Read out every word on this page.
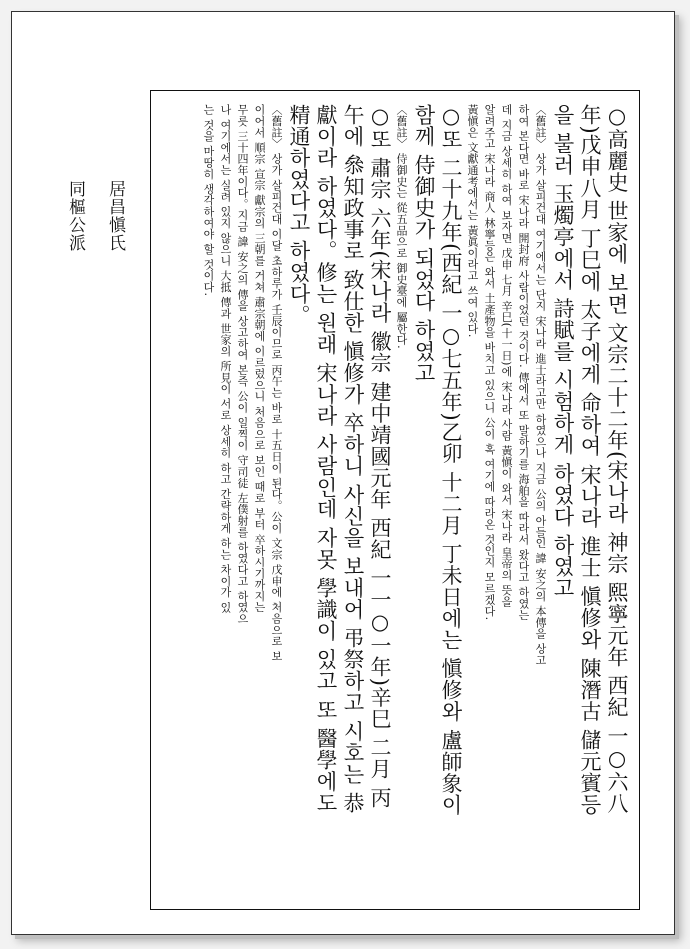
○高麗史 世家에 보면 文宗二十二年(宋나라 神宗 熙寧元年 西紀 一○六八
年)戊申八月 丁巳에 太子에게 命하여 宋나라 進士 愼修와 陳潛古 儲元賓등
을 불러 玉燭亭에서 詩賦를 시험하게 하였다 하였고
〈舊註〉 상가 살피건대 여기에서는 단지 宋나라 進士라고만 하였으나 지금 公의 아들인 諱 安之의 本傳을 상고
하여 본다면 바로 宋나라 開封府 사람이었던 것이다. 傳에서 또 말하기를 海舶을 따라서 왔다고 하였는
데 지금 상세히 하여 보자면 戊申 七月 辛巳(十一日)에 宋나라 사람 黃愼이 와서 宋나라 皇帝의 뜻을
알려주고 宋나라 商人 林寧등은 와서 土產物을 바치고 있으니 公이 혹 여기에 따라온 것인지 모르겠다.
黃愼은 文獻通考에서는 黃眞이라고 쓰여 있다.
○또 二十九年(西紀 一○七五年)乙卯 十二月 丁未日에는 愼修와 盧師象이
함께 侍御史가 되었다 하였고
〈舊註〉 侍御史는 從五品으로 御史臺에 屬한다.
○또 肅宗 六年(宋나라 徽宗 建中靖國元年 西紀 一一○一年)辛巳 二月 丙
午에 叅知政事로 致仕한 愼修가 卒하니 사신을 보내어 弔祭하고 시호는 恭
獻이라 하였다。修는 원래 宋나라 사람인데 자못 學識이 있고 또 醫學에도
精通하였다고 하였다。
〈舊註〉 상가 살피건대 이달 초하루가 壬辰이므로 丙午는 바로 十五日이 된다。公이 文宗 戊申에 처음으로 보
이어서 順宗 宣宗 獻宗의 三朝를 거쳐 肅宗朝에 이르렀으니 처음으로 보인 때로 부터 卒하시기까지는
무릇 三十四年이다。지금 諱 安之의 傳을 상고하여 본즉 公이 일찍이 守司徒 左僕射를 하였다고 하였으
나 여기에서는 실려 있지 않으니 大抵 傳과 世家의 所見이 서로 상세히 하고 간략하게 하는 차이가 있
는 것을 마땅히 생각하여야 할 것이다.
居昌愼氏
同樞公派
